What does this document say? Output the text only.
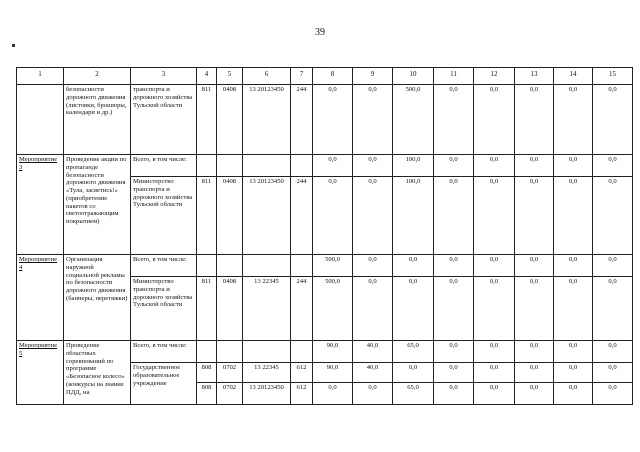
39
1	2	3	4	5	6	7	8	9	10	11	12	13	14	15
	безопасности дорожного движения (листовки, брошюры, календари и др.)	транспорта и дорожного хозяйства Тульской области	811	0408	13 20123450	244	0,0	0,0	500,0	0,0	0,0	0,0	0,0	0,0
Мероприятие 3	Проведение акции по пропаганде безопасности дорожного движения «Тула, засветись!» (приобретение пакетов со светоотражающим покрытием)	Всего, в том числе:					0,0	0,0	100,0	0,0	0,0	0,0	0,0	0,0
		Министерство транспорта и дорожного хозяйства Тульской области	811	0408	13 20123450	244	0,0	0,0	100,0	0,0	0,0	0,0	0,0	0,0
Мероприятие 4	Организация наружной социальной рекламы по безопасности дорожного движения (баннеры, перетяжки)	Всего, в том числе:					500,0	0,0	0,0	0,0	0,0	0,0	0,0	0,0
		Министерство транспорта и дорожного хозяйства Тульской области	811	0408	13 22345	244	500,0	0,0	0,0	0,0	0,0	0,0	0,0	0,0
Мероприятие 5	Проведение областных соревнований по программе «Безопасное колесо» (конкурсы на знание ПДД, на	Всего, в том числе:					90,0	40,0	65,0	0,0	0,0	0,0	0,0	0,0
		Государственное образовательное учреждение	808	0702	13 22345	612	90,0	40,0	0,0	0,0	0,0	0,0	0,0	0,0
			808	0702	13 20123450	612	0,0	0,0	65,0	0,0	0,0	0,0	0,0	0,0
